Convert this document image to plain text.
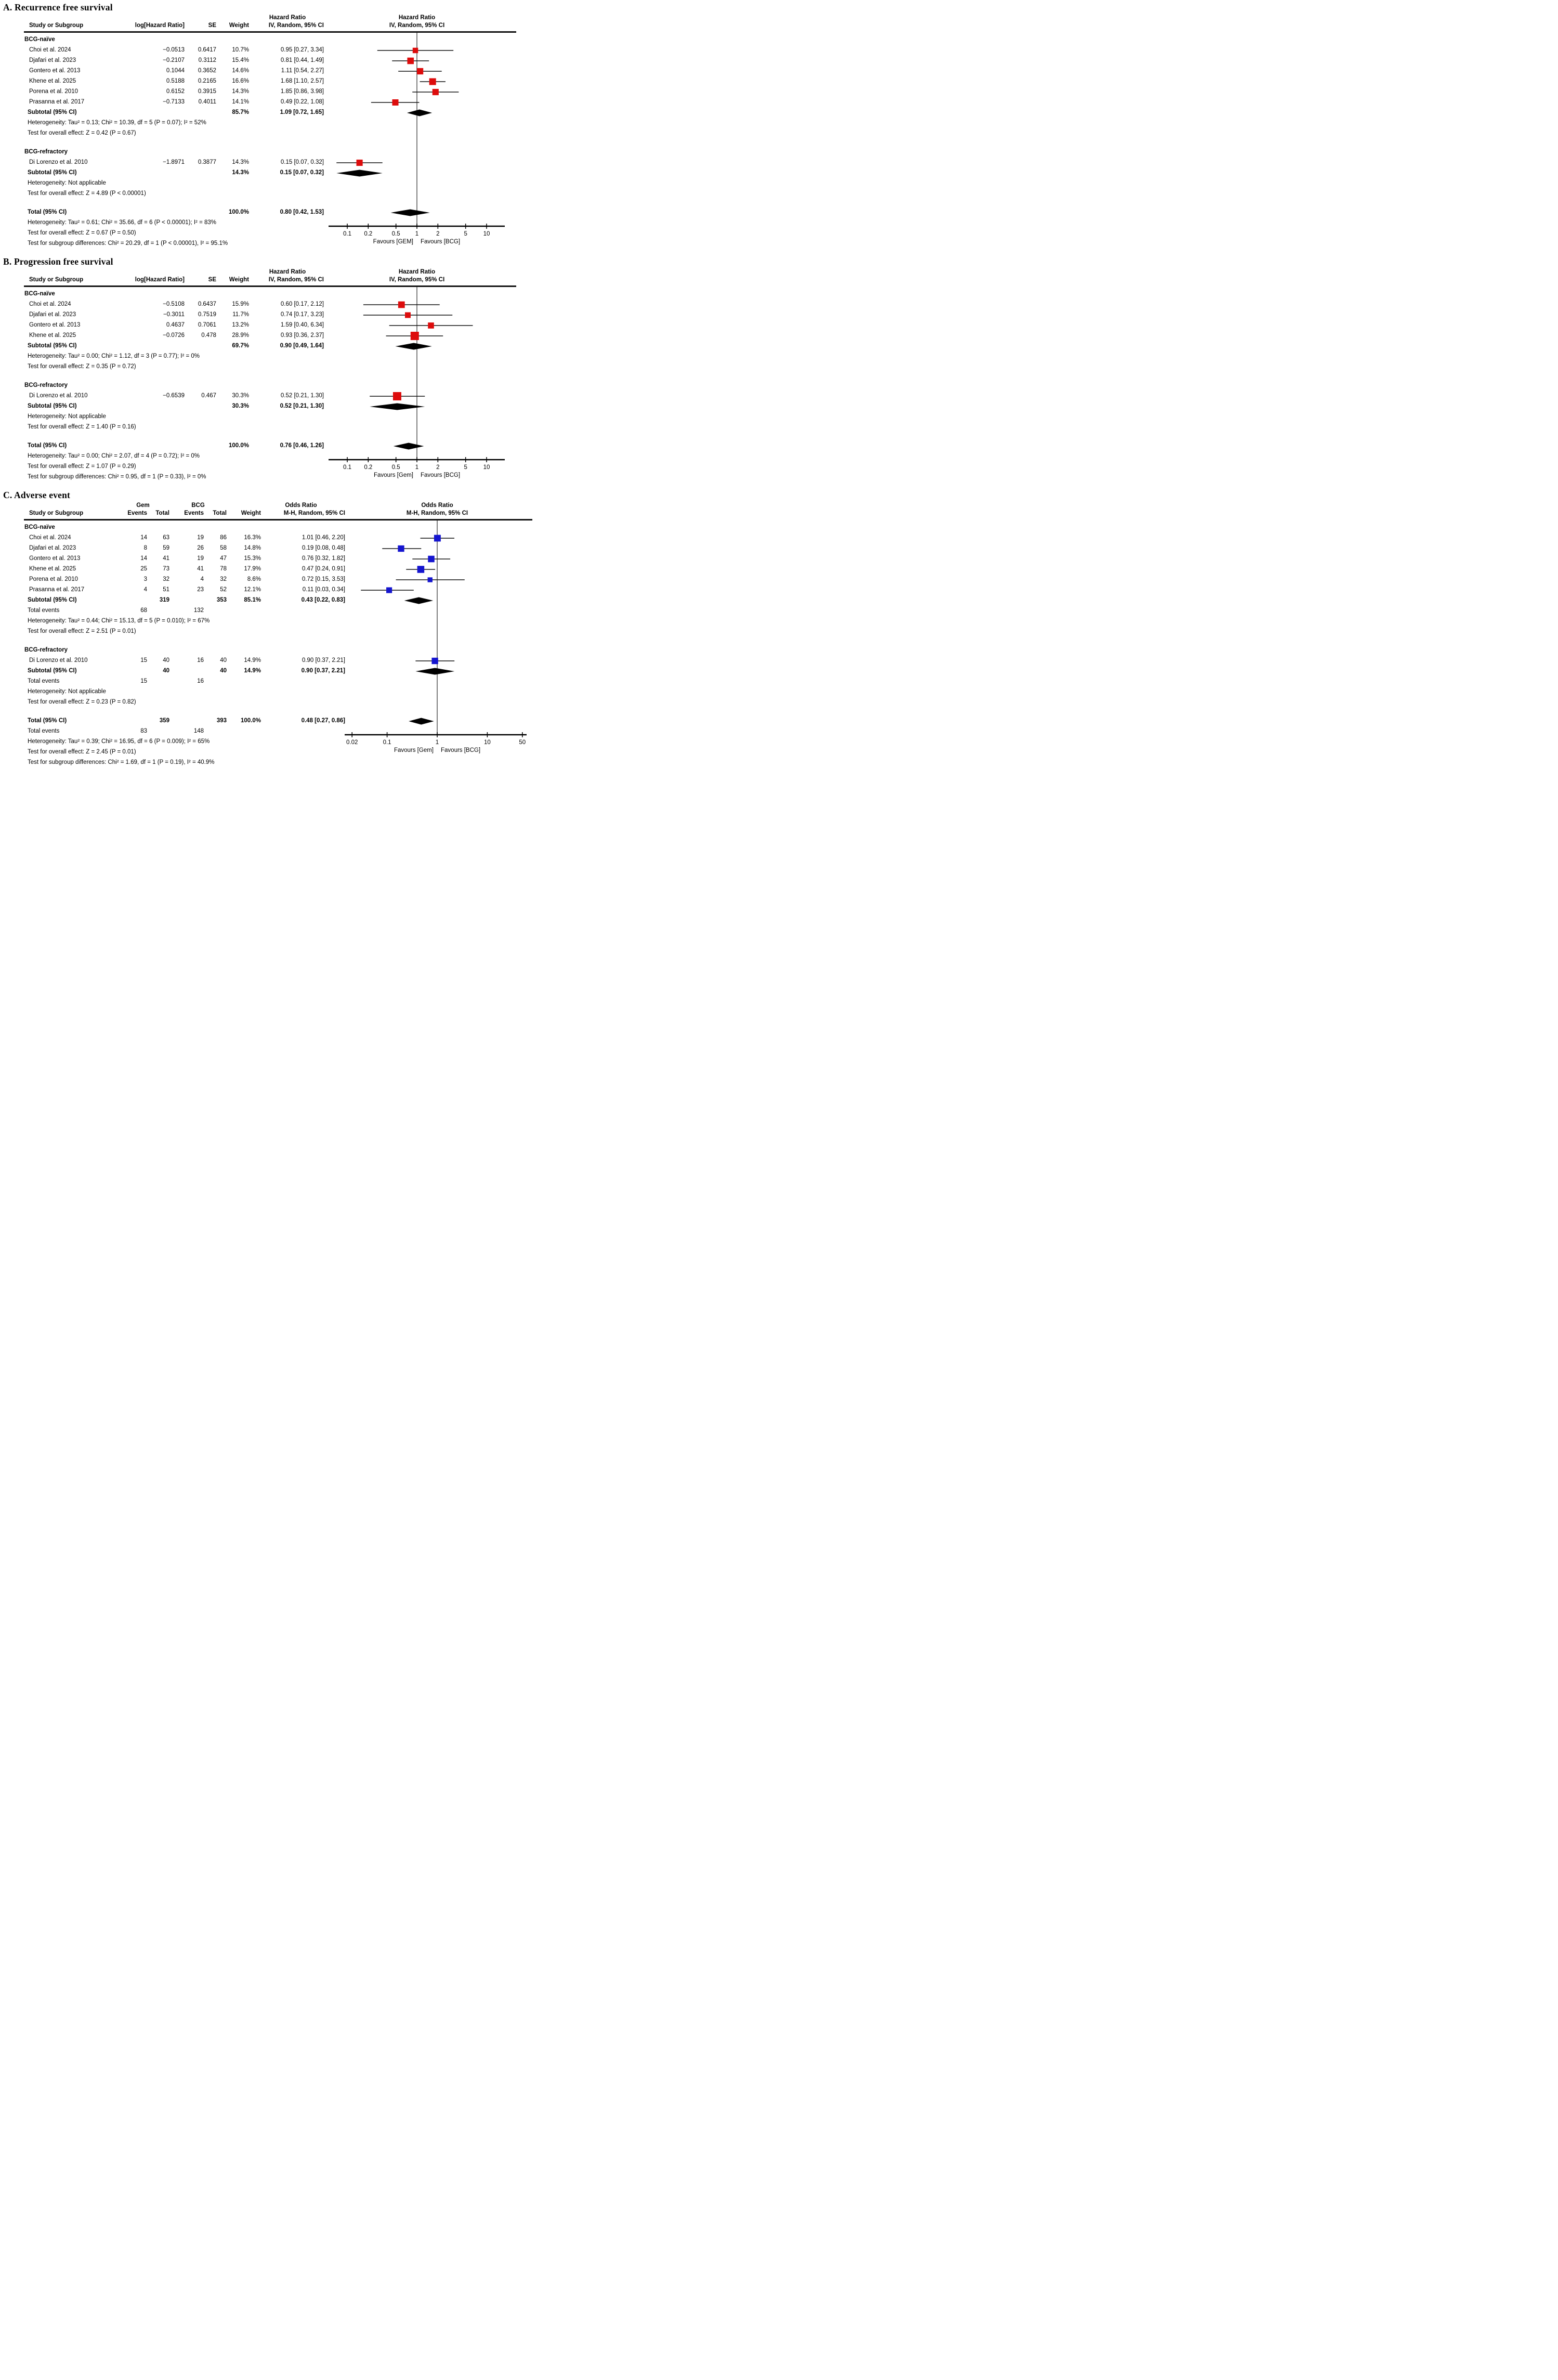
A. Recurrence free survival
Hazard Ratio	Hazard Ratio
Study or Subgroup	log[Hazard Ratio]	SE	Weight	IV, Random, 95% CI	IV, Random, 95% CI
BCG-naïve
Choi et al. 2024	−0.0513	0.6417	10.7%	0.95 [0.27, 3.34]
Djafari et al. 2023	−0.2107	0.3112	15.4%	0.81 [0.44, 1.49]
Gontero et al. 2013	0.1044	0.3652	14.6%	1.11 [0.54, 2.27]
Khene et al. 2025	0.5188	0.2165	16.6%	1.68 [1.10, 2.57]
Porena et al. 2010	0.6152	0.3915	14.3%	1.85 [0.86, 3.98]
Prasanna et al. 2017	−0.7133	0.4011	14.1%	0.49 [0.22, 1.08]
Subtotal (95% CI)	85.7%	1.09 [0.72, 1.65]
Heterogeneity: Tau² = 0.13; Chi² = 10.39, df = 5 (P = 0.07); I² = 52%
Test for overall effect: Z = 0.42 (P = 0.67)
BCG-refractory
Di Lorenzo et al. 2010	−1.8971	0.3877	14.3%	0.15 [0.07, 0.32]
Subtotal (95% CI)	14.3%	0.15 [0.07, 0.32]
Heterogeneity: Not applicable
Test for overall effect: Z = 4.89 (P < 0.00001)
Total (95% CI)	100.0%	0.80 [0.42, 1.53]
Heterogeneity: Tau² = 0.61; Chi² = 35.66, df = 6 (P < 0.00001); I² = 83%
Test for overall effect: Z = 0.67 (P = 0.50)
Test for subgroup differences: Chi² = 20.29, df = 1 (P < 0.00001), I² = 95.1%
0.1 0.2	0.5	1	2	5	10
Favours [GEM] Favours [BCG]
B. Progression free survival
Hazard Ratio	Hazard Ratio
Study or Subgroup	log[Hazard Ratio]	SE	Weight	IV, Random, 95% CI	IV, Random, 95% CI
BCG-naïve
Choi et al. 2024	−0.5108	0.6437	15.9%	0.60 [0.17, 2.12]
Djafari et al. 2023	−0.3011	0.7519	11.7%	0.74 [0.17, 3.23]
Gontero et al. 2013	0.4637	0.7061	13.2%	1.59 [0.40, 6.34]
Khene et al. 2025	−0.0726	0.478	28.9%	0.93 [0.36, 2.37]
Subtotal (95% CI)	69.7%	0.90 [0.49, 1.64]
Heterogeneity: Tau² = 0.00; Chi² = 1.12, df = 3 (P = 0.77); I² = 0%
Test for overall effect: Z = 0.35 (P = 0.72)
BCG-refractory
Di Lorenzo et al. 2010	−0.6539	0.467	30.3%	0.52 [0.21, 1.30]
Subtotal (95% CI)	30.3%	0.52 [0.21, 1.30]
Heterogeneity: Not applicable
Test for overall effect: Z = 1.40 (P = 0.16)
Total (95% CI)	100.0%	0.76 [0.46, 1.26]
Heterogeneity: Tau² = 0.00; Chi² = 2.07, df = 4 (P = 0.72); I² = 0%
Test for overall effect: Z = 1.07 (P = 0.29)
Test for subgroup differences: Chi² = 0.95, df = 1 (P = 0.33), I² = 0%
0.1 0.2	0.5	1	2	5	10
Favours [Gem] Favours [BCG]
C. Adverse event
Gem	BCG	Odds Ratio	Odds Ratio
Study or Subgroup	Events	Total	Events	Total	Weight	M-H, Random, 95% CI	M-H, Random, 95% CI
BCG-naïve
Choi et al. 2024	14	63	19	86	16.3%	1.01 [0.46, 2.20]
Djafari et al. 2023	8	59	26	58	14.8%	0.19 [0.08, 0.48]
Gontero et al. 2013	14	41	19	47	15.3%	0.76 [0.32, 1.82]
Khene et al. 2025	25	73	41	78	17.9%	0.47 [0.24, 0.91]
Porena et al. 2010	3	32	4	32	8.6%	0.72 [0.15, 3.53]
Prasanna et al. 2017	4	51	23	52	12.1%	0.11 [0.03, 0.34]
Subtotal (95% CI)	319	353	85.1%	0.43 [0.22, 0.83]
Total events	68	132
Heterogeneity: Tau² = 0.44; Chi² = 15.13, df = 5 (P = 0.010); I² = 67%
Test for overall effect: Z = 2.51 (P = 0.01)
BCG-refractory
Di Lorenzo et al. 2010	15	40	16	40	14.9%	0.90 [0.37, 2.21]
Subtotal (95% CI)	40	40	14.9%	0.90 [0.37, 2.21]
Total events	15	16
Heterogeneity: Not applicable
Test for overall effect: Z = 0.23 (P = 0.82)
Total (95% CI)	359	393	100.0%	0.48 [0.27, 0.86]
Total events	83	148
Heterogeneity: Tau² = 0.39; Chi² = 16.95, df = 6 (P = 0.009); I² = 65%
Test for overall effect: Z = 2.45 (P = 0.01)
Test for subgroup differences: Chi² = 1.69, df = 1 (P = 0.19), I² = 40.9%
0.02	0.1	1	10	50
Favours [Gem] Favours [BCG]
